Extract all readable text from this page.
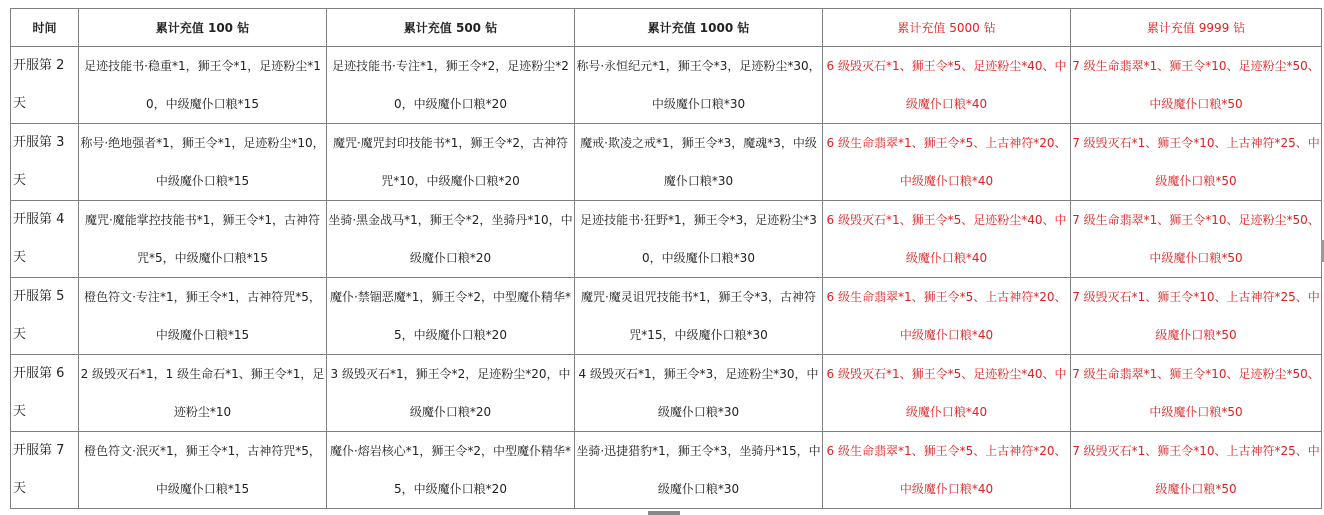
时间	累计充值 100 钻	累计充值 500 钻	累计充值 1000 钻	累计充值 5000 钻	累计充值 9999 钻
开服第 2 天	足迹技能书·稳重*1，狮王令*1，足迹粉尘*10，中级魔仆口粮*15	足迹技能书·专注*1，狮王令*2，足迹粉尘*20，中级魔仆口粮*20	称号·永恒纪元*1，狮王令*3，足迹粉尘*30，中级魔仆口粮*30	6 级毁灭石*1、狮王令*5、足迹粉尘*40、中级魔仆口粮*40	7 级生命翡翠*1、狮王令*10、足迹粉尘*50、中级魔仆口粮*50

开服第 3 天	称号·绝地强者*1，狮王令*1，足迹粉尘*10，中级魔仆口粮*15	魔咒·魔咒封印技能书*1，狮王令*2，古神符咒*10，中级魔仆口粮*20	魔戒·欺凌之戒*1，狮王令*3，魔魂*3，中级魔仆口粮*30	6 级生命翡翠*1、狮王令*5、上古神符*20、中级魔仆口粮*40	7 级毁灭石*1、狮王令*10、上古神符*25、中级魔仆口粮*50

开服第 4 天	魔咒·魔能掌控技能书*1，狮王令*1，古神符咒*5，中级魔仆口粮*15	坐骑·黑金战马*1，狮王令*2，坐骑丹*10，中级魔仆口粮*20	足迹技能书·狂野*1，狮王令*3，足迹粉尘*30，中级魔仆口粮*30	6 级毁灭石*1、狮王令*5、足迹粉尘*40、中级魔仆口粮*40	7 级生命翡翠*1、狮王令*10、足迹粉尘*50、中级魔仆口粮*50

开服第 5 天	橙色符文·专注*1，狮王令*1，古神符咒*5，中级魔仆口粮*15	魔仆·禁锢恶魔*1，狮王令*2，中型魔仆精华*5，中级魔仆口粮*20	魔咒·魔灵诅咒技能书*1，狮王令*3，古神符咒*15，中级魔仆口粮*30	6 级生命翡翠*1、狮王令*5、上古神符*20、中级魔仆口粮*40	7 级毁灭石*1、狮王令*10、上古神符*25、中级魔仆口粮*50

开服第 6 天	2 级毁灭石*1，1 级生命石*1、狮王令*1，足迹粉尘*10	3 级毁灭石*1，狮王令*2，足迹粉尘*20，中级魔仆口粮*20	4 级毁灭石*1，狮王令*3，足迹粉尘*30，中级魔仆口粮*30	6 级毁灭石*1、狮王令*5、足迹粉尘*40、中级魔仆口粮*40	7 级生命翡翠*1、狮王令*10、足迹粉尘*50、中级魔仆口粮*50

开服第 7 天	橙色符文·泯灭*1，狮王令*1，古神符咒*5，中级魔仆口粮*15	魔仆·熔岩核心*1，狮王令*2，中型魔仆精华*5，中级魔仆口粮*20	坐骑·迅捷猎豹*1，狮王令*3，坐骑丹*15，中级魔仆口粮*30	6 级生命翡翠*1、狮王令*5、上古神符*20、中级魔仆口粮*40	7 级毁灭石*1、狮王令*10、上古神符*25、中级魔仆口粮*50
